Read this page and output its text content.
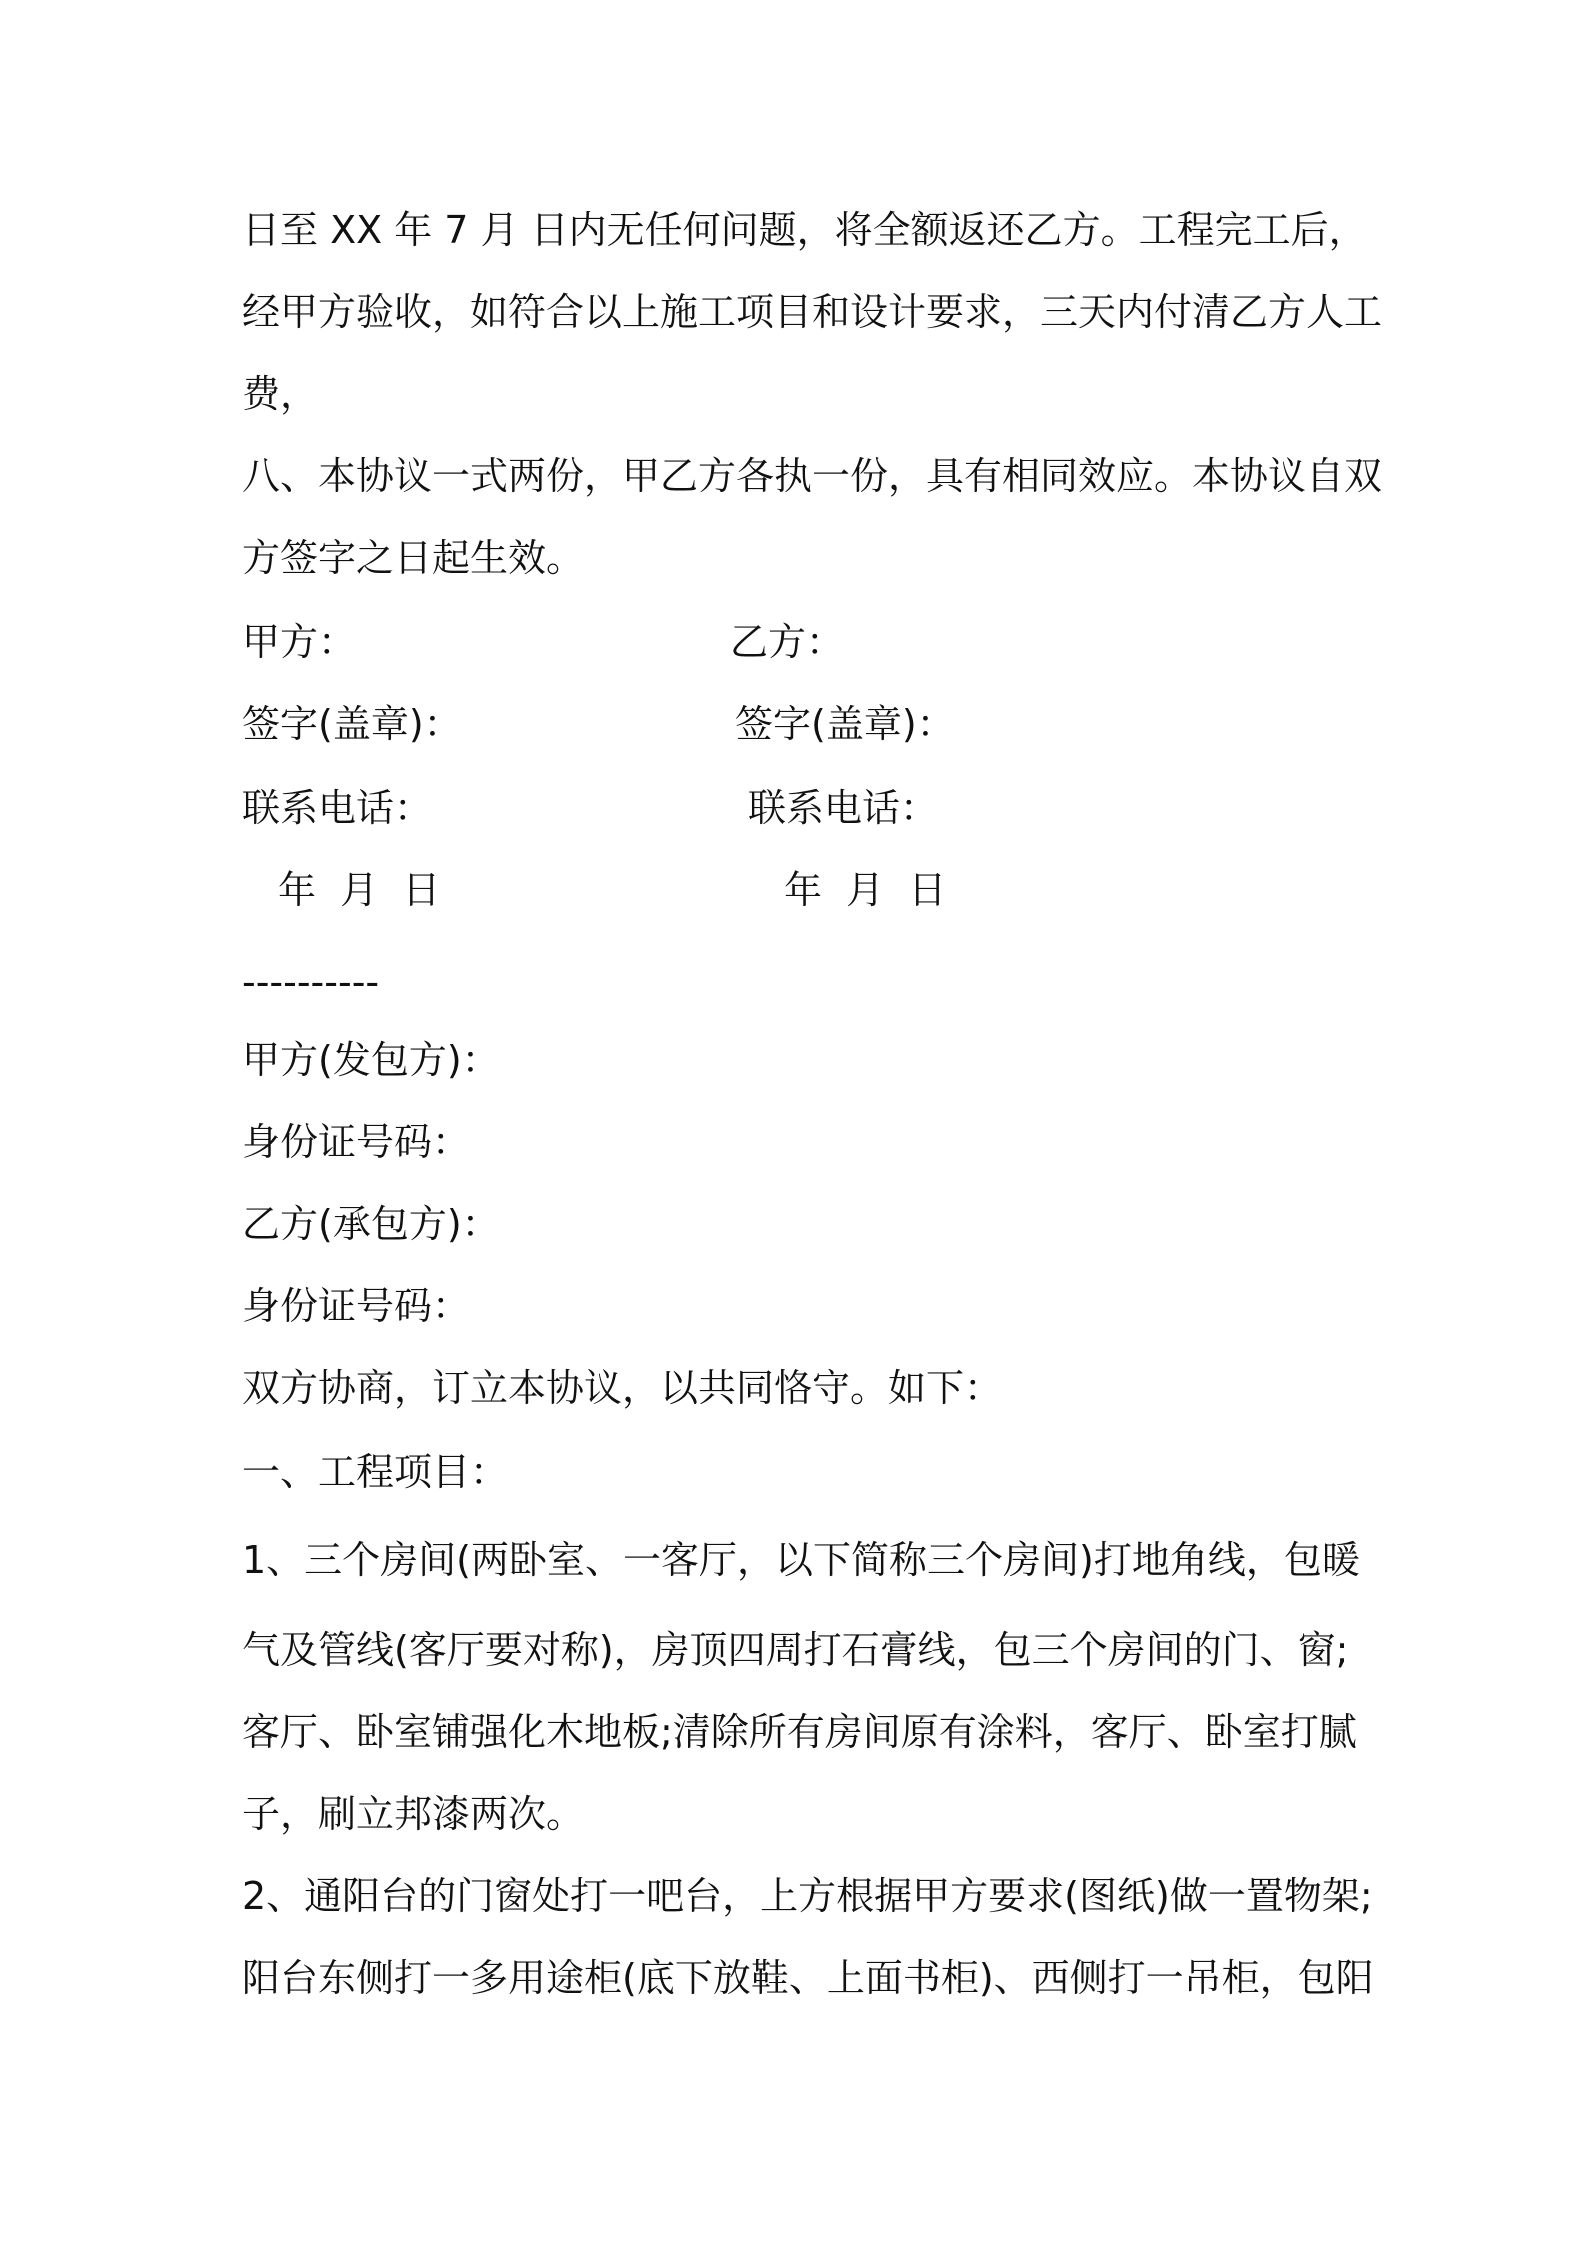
日至 XX 年 7 月 日内无任何问题，将全额返还乙方。工程完工后，
经甲方验收，如符合以上施工项目和设计要求，三天内付清乙方人工
费，
八、本协议一式两份，甲乙方各执一份，具有相同效应。本协议自双
方签字之日起生效。
甲方：	乙方：
签字(盖章)：	签字(盖章)：
联系电话：	联系电话：
年  月  日	年  月  日
----------
甲方(发包方)：
身份证号码：
乙方(承包方)：
身份证号码：
双方协商，订立本协议，以共同恪守。如下：
一、工程项目：
1、三个房间(两卧室、一客厅，以下简称三个房间)打地角线，包暖
气及管线(客厅要对称)，房顶四周打石膏线，包三个房间的门、窗;
客厅、卧室铺强化木地板;清除所有房间原有涂料，客厅、卧室打腻
子，刷立邦漆两次。
2、通阳台的门窗处打一吧台，上方根据甲方要求(图纸)做一置物架;
阳台东侧打一多用途柜(底下放鞋、上面书柜)、西侧打一吊柜，包阳
